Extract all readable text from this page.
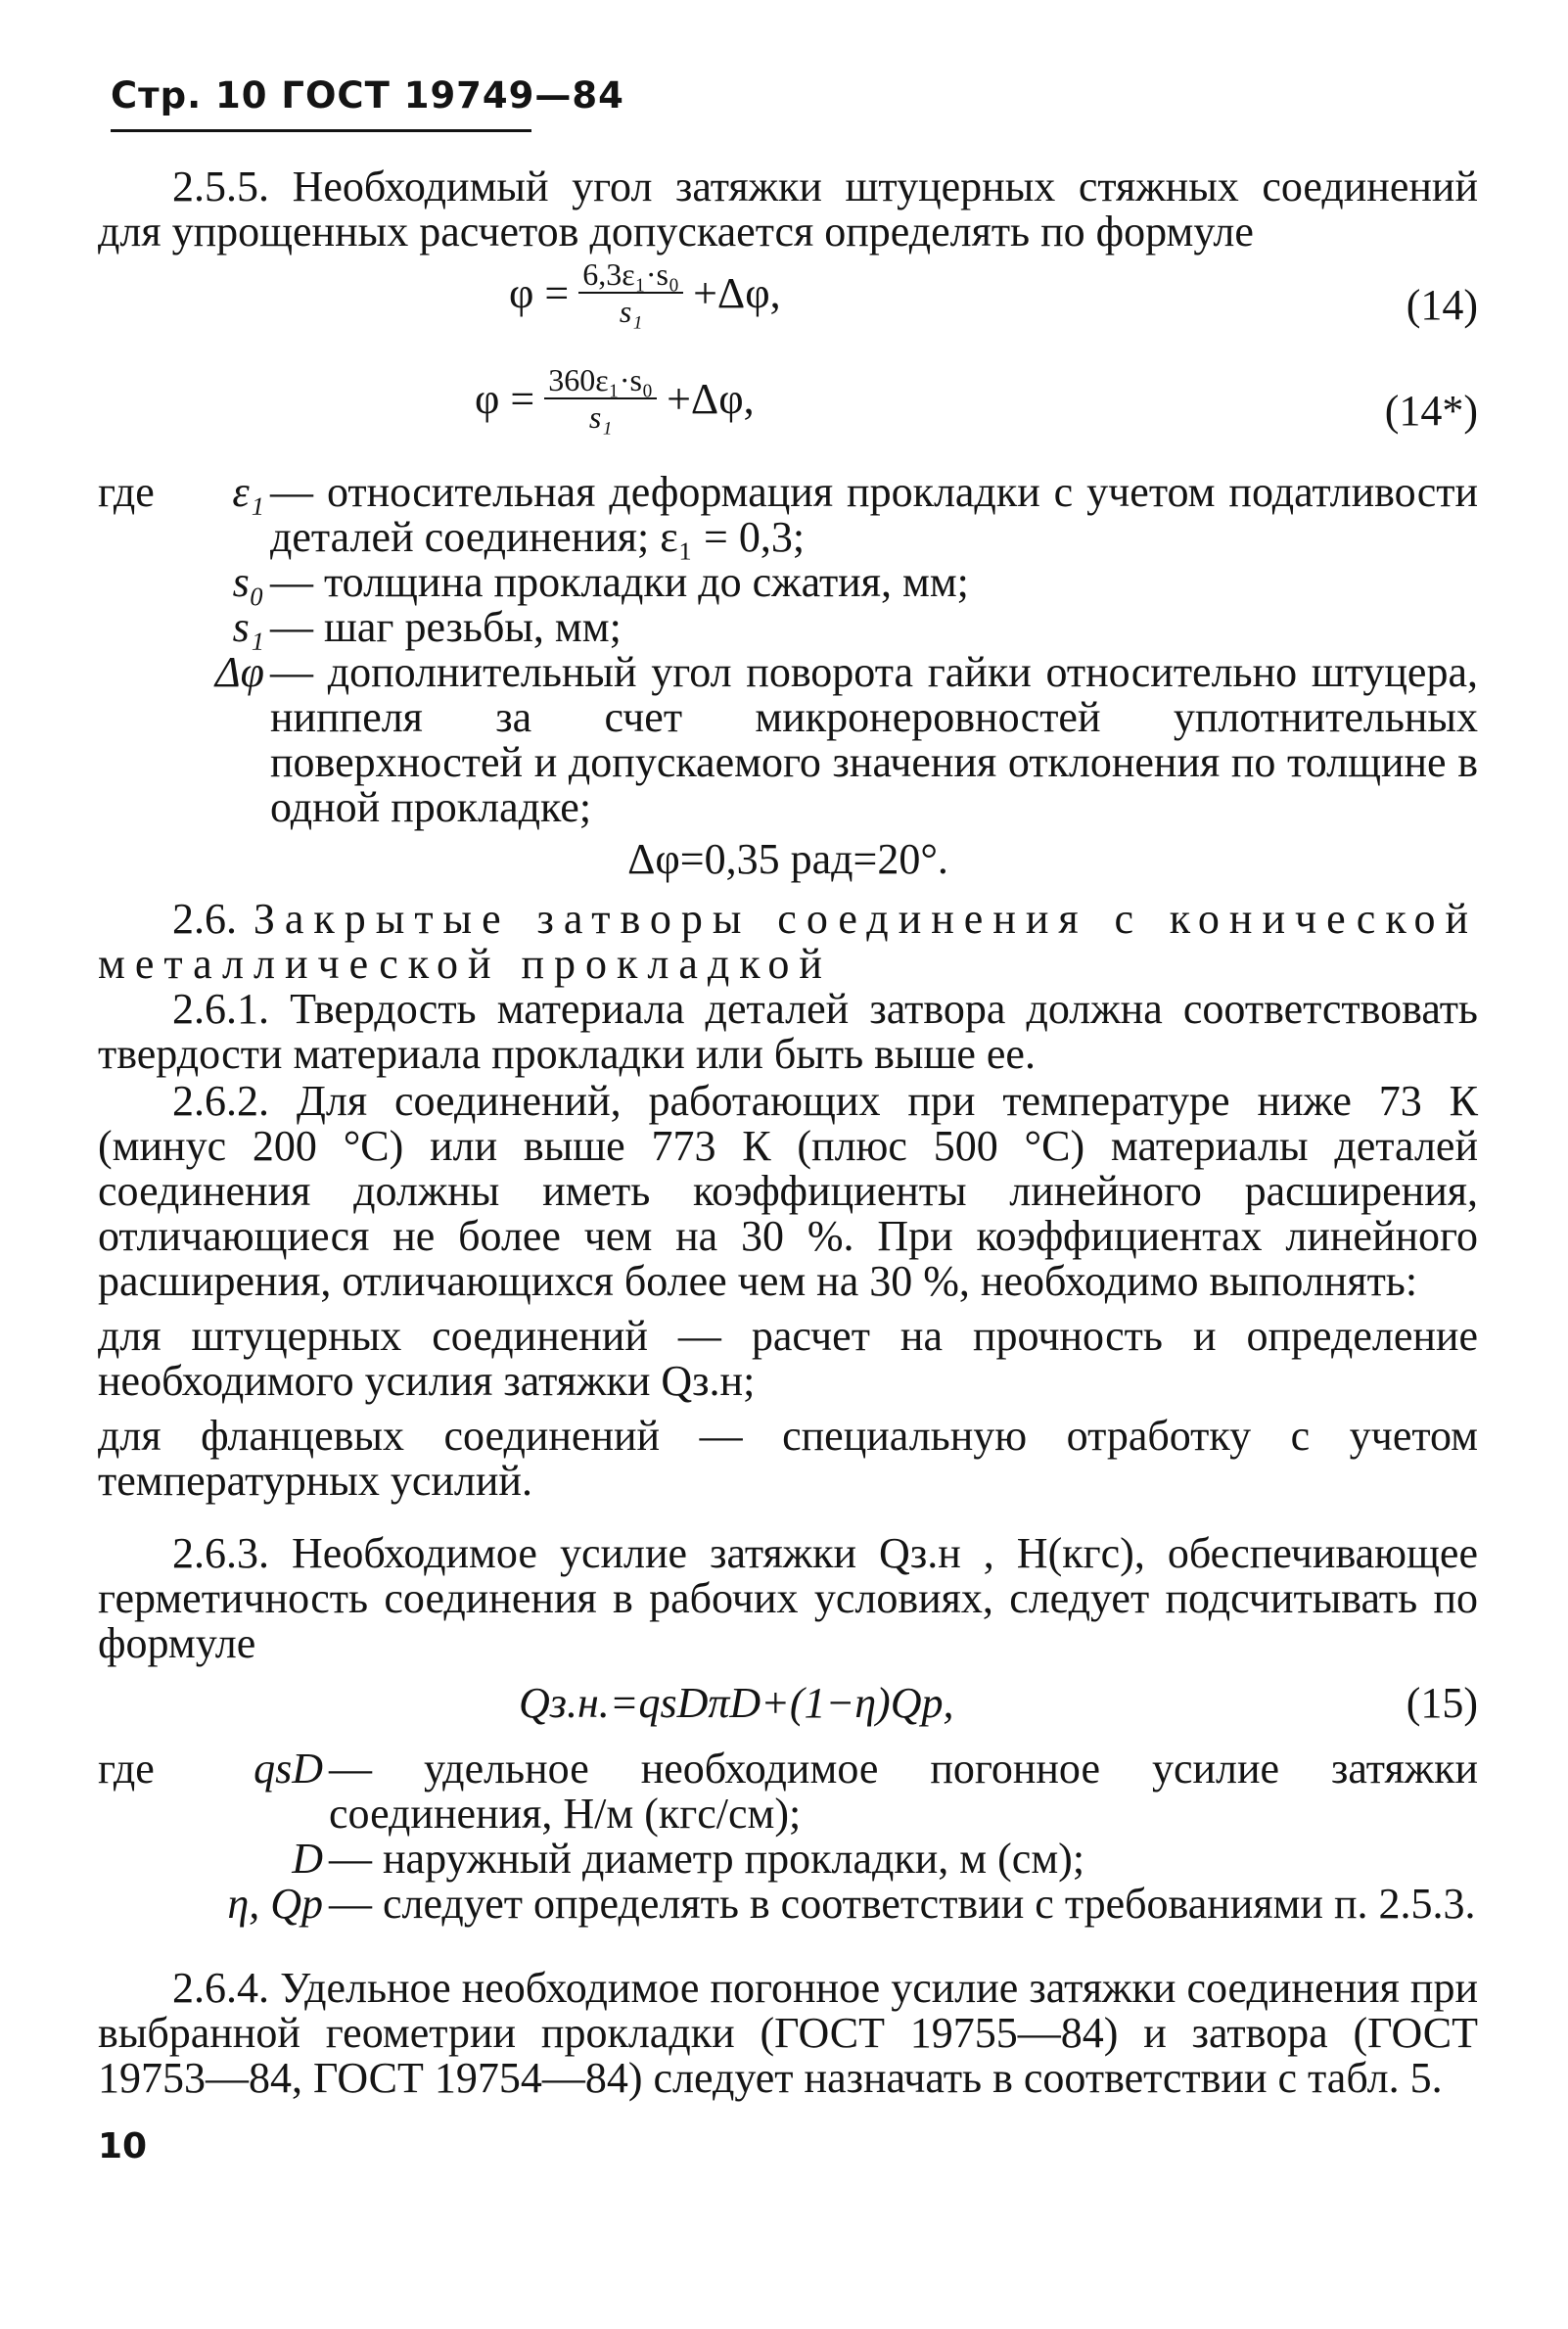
Стр. 10 ГОСТ 19749—84

2.5.5. Необходимый угол затяжки штуцерных стяжных соединений для упрощенных расчетов допускается определять по формуле

$\varphi = \frac{\text{6,3ε₁·s₀}}{\text{s₁}} +\Delta\varphi$,	(14)
$\varphi = \frac{\text{360ε₁·s₀}}{\text{s₁}} +\Delta\varphi$,	(14*)
где	ε₁ — относительная деформация прокладки с учетом податливости деталей соединения; ε₁ = 0,3;
s₀ — толщина прокладки до сжатия, мм;
s₁ — шаг резьбы, мм;
Δφ — дополнительный угол поворота гайки относительно штуцера, ниппеля за счет микронеровностей уплотнительных поверхностей и допускаемого значения отклонения по толщине в одной прокладке;
Δφ=0,35 рад=20°.

2.6. Закрытые затворы соединения с конической металлической прокладкой

2.6.1. Твердость материала деталей затвора должна соответствовать твердости материала прокладки или быть выше ее.

2.6.2. Для соединений, работающих при температуре ниже 73 К (минус 200 °С) или выше 773 К (плюс 500 °С) материалы деталей соединения должны иметь коэффициенты линейного расширения, отличающиеся не более чем на 30 %. При коэффициентах линейного расширения, отличающихся более чем на 30 %, необходимо выполнять:

для штуцерных соединений — расчет на прочность и определение необходимого усилия затяжки Qз.н;

для фланцевых соединений — специальную отработку с учетом температурных усилий.

2.6.3. Необходимое усилие затяжки Qз.н , Н(кгс), обеспечивающее герметичность соединения в рабочих условиях, следует подсчитывать по формуле

Qз.н.=qsDπD+(1−η)Qp,	(15)
где	qsD — удельное необходимое погонное усилие затяжки соединения, Н/м (кгс/см);
D — наружный диаметр прокладки, м (см);
η, Qp — следует определять в соответствии с требованиями п. 2.5.3.

2.6.4. Удельное необходимое погонное усилие затяжки соединения при выбранной геометрии прокладки (ГОСТ 19755—84) и затвора (ГОСТ 19753—84, ГОСТ 19754—84) следует назначать в соответствии с табл. 5.

10
